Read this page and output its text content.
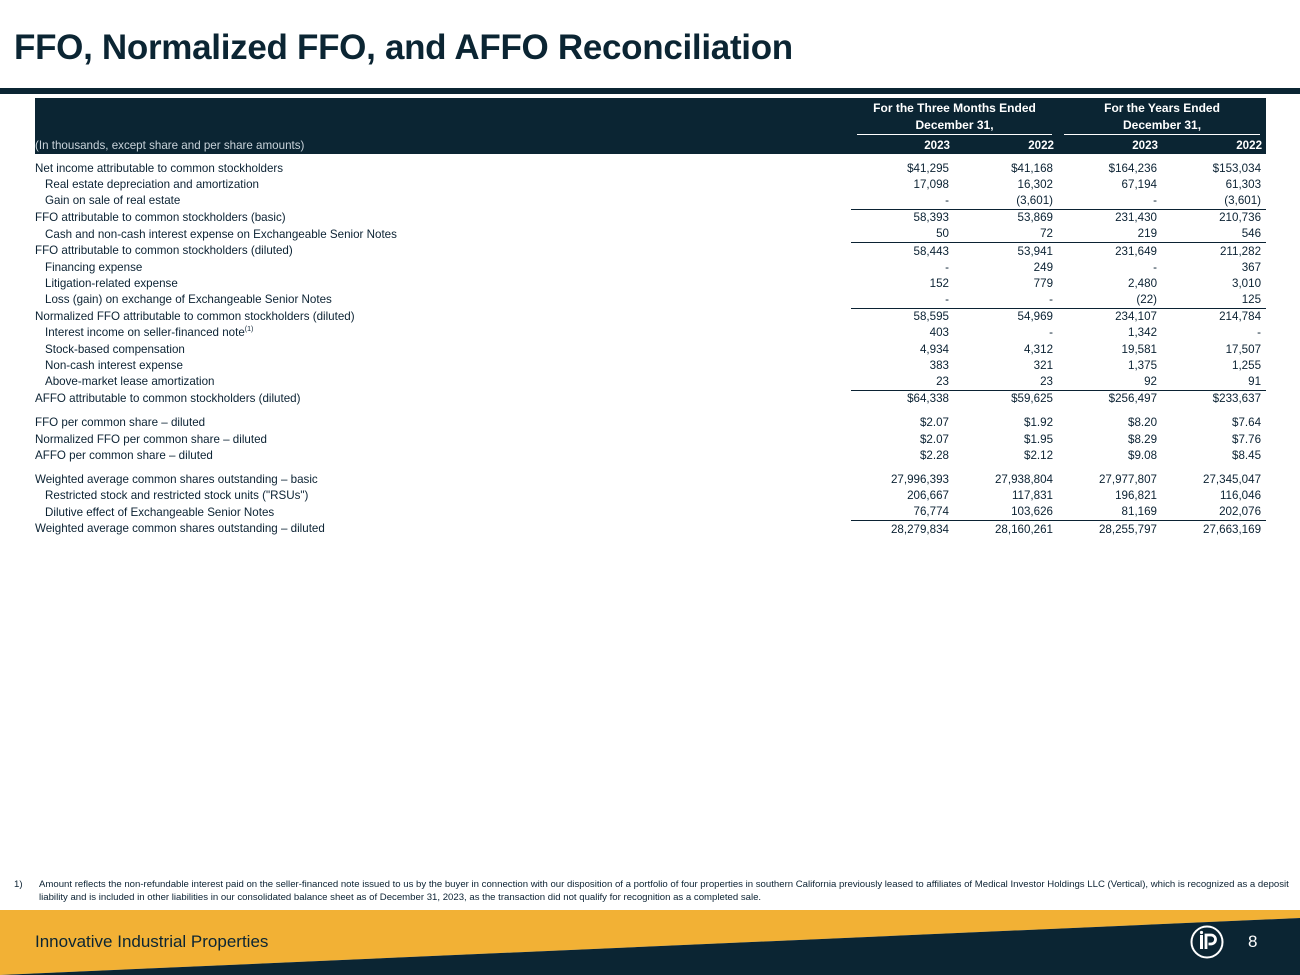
FFO, Normalized FFO, and AFFO Reconciliation
	For the Three Months Ended		For the Years Ended	

	December 31,		December 31,	

(In thousands, except share and per share amounts)	2023	2022	2023	2022

Net income attributable to common stockholders	$41,295	$41,168	$164,236	$153,034
Real estate depreciation and amortization	17,098	16,302	67,194	61,303
Gain on sale of real estate	-	(3,601)	-	(3,601)
FFO attributable to common stockholders (basic)	58,393	53,869	231,430	210,736
Cash and non-cash interest expense on Exchangeable Senior Notes	50	72	219	546
FFO attributable to common stockholders (diluted)	58,443	53,941	231,649	211,282
Financing expense	-	249	-	367
Litigation-related expense	152	779	2,480	3,010
Loss (gain) on exchange of Exchangeable Senior Notes	-	-	(22)	125
Normalized FFO attributable to common stockholders (diluted)	58,595	54,969	234,107	214,784
Interest income on seller-financed note$^{(1)}$	403	-	1,342	-
Stock-based compensation	4,934	4,312	19,581	17,507
Non-cash interest expense	383	321	1,375	1,255
Above-market lease amortization	23	23	92	91
AFFO attributable to common stockholders (diluted)	$64,338	$59,625	$256,497	$233,637

FFO per common share – diluted	$2.07	$1.92	$8.20	$7.64
Normalized FFO per common share – diluted	$2.07	$1.95	$8.29	$7.76
AFFO per common share – diluted	$2.28	$2.12	$9.08	$8.45

Weighted average common shares outstanding – basic	27,996,393	27,938,804	27,977,807	27,345,047
Restricted stock and restricted stock units ("RSUs")	206,667	117,831	196,821	116,046
Dilutive effect of Exchangeable Senior Notes	76,774	103,626	81,169	202,076
Weighted average common shares outstanding – diluted	28,279,834	28,160,261	28,255,797	27,663,169
1)	Amount reflects the non-refundable interest paid on the seller-financed note issued to us by the buyer in connection with our disposition of a portfolio of four properties in southern California previously leased to affiliates of Medical Investor Holdings LLC (Vertical), which is recognized as a deposit liability and is included in other liabilities in our consolidated balance sheet as of December 31, 2023, as the transaction did not qualify for recognition as a completed sale.
Innovative Industrial Properties	8
